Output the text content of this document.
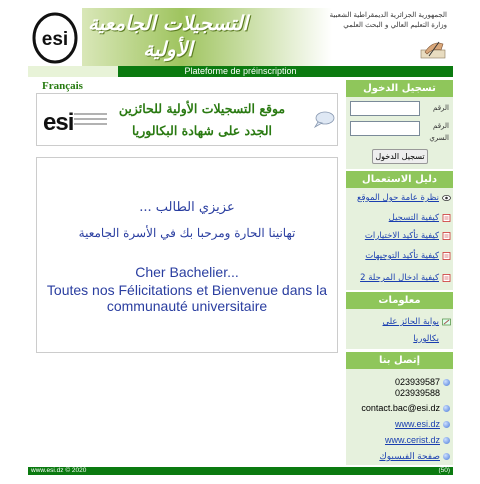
esi
التسجيلات الجامعية الأولية
الجمهورية الجزائرية الديمقراطية الشعبية
وزارة التعليم العالي و البحث العلمي
Plateforme de préinscription
Français
esi
موقع التسجيلات الأولية للحائزين
الجدد على شهادة البكالوريا
عزيزي الطالب ...
تهانينا الحارة ومرحبا بك في الأسرة الجامعية
Cher Bachelier...
Toutes nos Félicitations et Bienvenue dans la communauté universitaire
تسجيل الدخول
الرقم
الرقم
السري
تسجيل الدخول
دليل الاستعمال
نظرة عامة حول الموقع
كيفية التسجيل
كيفية تأكيد الاختيارات
كيفية تأكيد التوجيهات
كيفية ادخال المرحلة 2
معلومات
بوابة الحائز على
بكالوريا
إتصل بنا
023939587
023939588
contact.bac@esi.dz
www.esi.dz
www.cerist.dz
صفحة الفيسبوك
www.esi.dz © 2020	(50)
